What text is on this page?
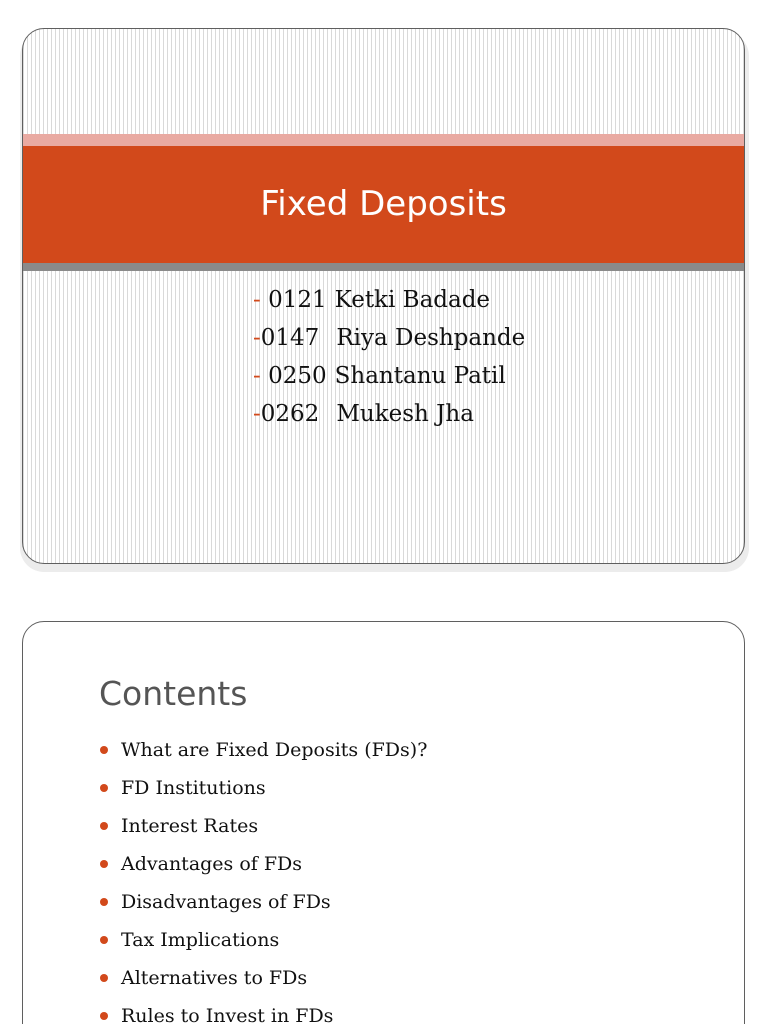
Fixed Deposits
- 0121 Ketki Badade
-0147 Riya Deshpande
- 0250 Shantanu Patil
-0262 Mukesh Jha
Contents
What are Fixed Deposits (FDs)?
FD Institutions
Interest Rates
Advantages of FDs
Disadvantages of FDs
Tax Implications
Alternatives to FDs
Rules to Invest in FDs
